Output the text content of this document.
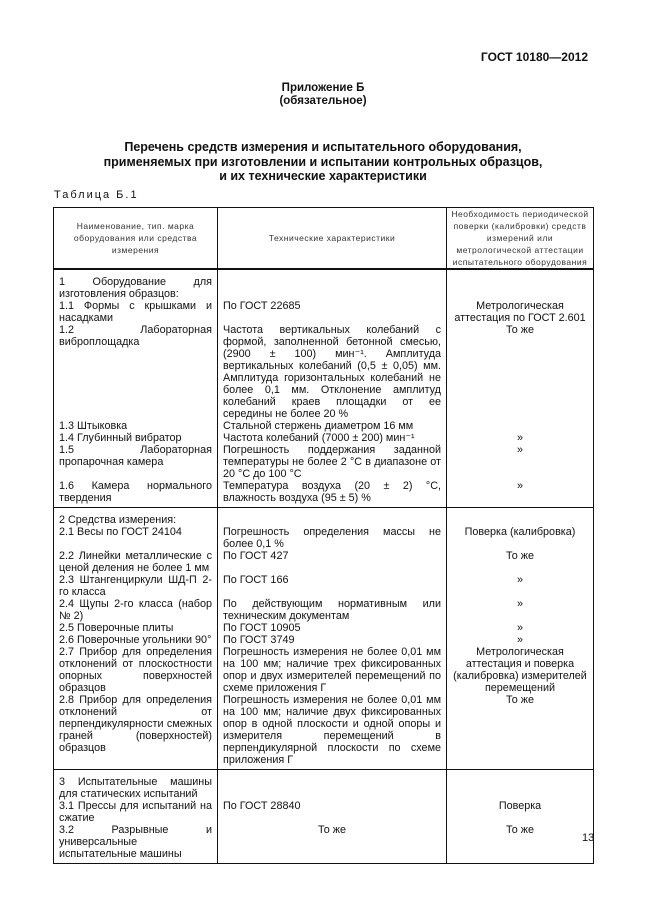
ГОСТ 10180—2012
Приложение Б
(обязательное)
Перечень средств измерения и испытательного оборудования,
применяемых при изготовлении и испытании контрольных образцов,
и их технические характеристики
Таблица Б.1
Наименование, тип. марка оборудования или средства измерения	Технические характеристики	Необходимость периодической поверки (калибровки) средств измерений или метрологической аттестации испытательного оборудования
1 Оборудование для изготовления образцов:		
1.1 Формы с крышками и насадками	По ГОСТ 22685	Метрологическая аттестация по ГОСТ 2.601
1.2 Лабораторная виброплощадка	Частота вертикальных колебаний с формой, заполненной бетонной смесью, (2900 ± 100) мин⁻¹. Амплитуда вертикальных колебаний (0,5 ± 0,05) мм. Амплитуда горизонтальных колебаний не более 0,1 мм. Отклонение амплитуд колебаний краев площадки от ее середины не более 20 %	То же
1.3 Штыковка	Стальной стержень диаметром 16 мм	
1.4 Глубинный вибратор	Частота колебаний (7000 ± 200) мин⁻¹	»
1.5 Лабораторная пропарочная камера	Погрешность поддержания заданной температуры не более 2 °С в диапазоне от 20 °С до 100 °С	»
1.6 Камера нормального твердения	Температура воздуха (20 ± 2) °С, влажность воздуха (95 ± 5) %	»
2 Средства измерения:		
2.1 Весы по ГОСТ 24104	Погрешность определения массы не более 0,1 %	Поверка (калибровка)
2.2 Линейки металлические с ценой деления не более 1 мм	По ГОСТ 427	То же
2.3 Штангенциркули ШД-П 2-го класса	По ГОСТ 166	»
2.4 Щупы 2-го класса (набор № 2)	По действующим нормативным или техническим документам	»
2.5 Поверочные плиты	По ГОСТ 10905	»
2.6 Поверочные угольники 90°	По ГОСТ 3749	»
2.7 Прибор для определения отклонений от плоскостности опорных поверхностей образцов	Погрешность измерения не более 0,01 мм на 100 мм; наличие трех фиксированных опор и двух измерителей перемещений по схеме приложения Г	Метрологическая аттестация и поверка (калибровка) измерителей перемещений
2.8 Прибор для определения отклонений от перпендикулярности смежных граней (поверхностей) образцов	Погрешность измерения не более 0,01 мм на 100 мм; наличие двух фиксированных опор в одной плоскости и одной опоры и измерителя перемещений в перпендикулярной плоскости по схеме приложения Г	То же
3 Испытательные машины для статических испытаний		
3.1 Прессы для испытаний на сжатие	По ГОСТ 28840	Поверка
3.2 Разрывные и универсальные испытательные машины	То же	То же
13
